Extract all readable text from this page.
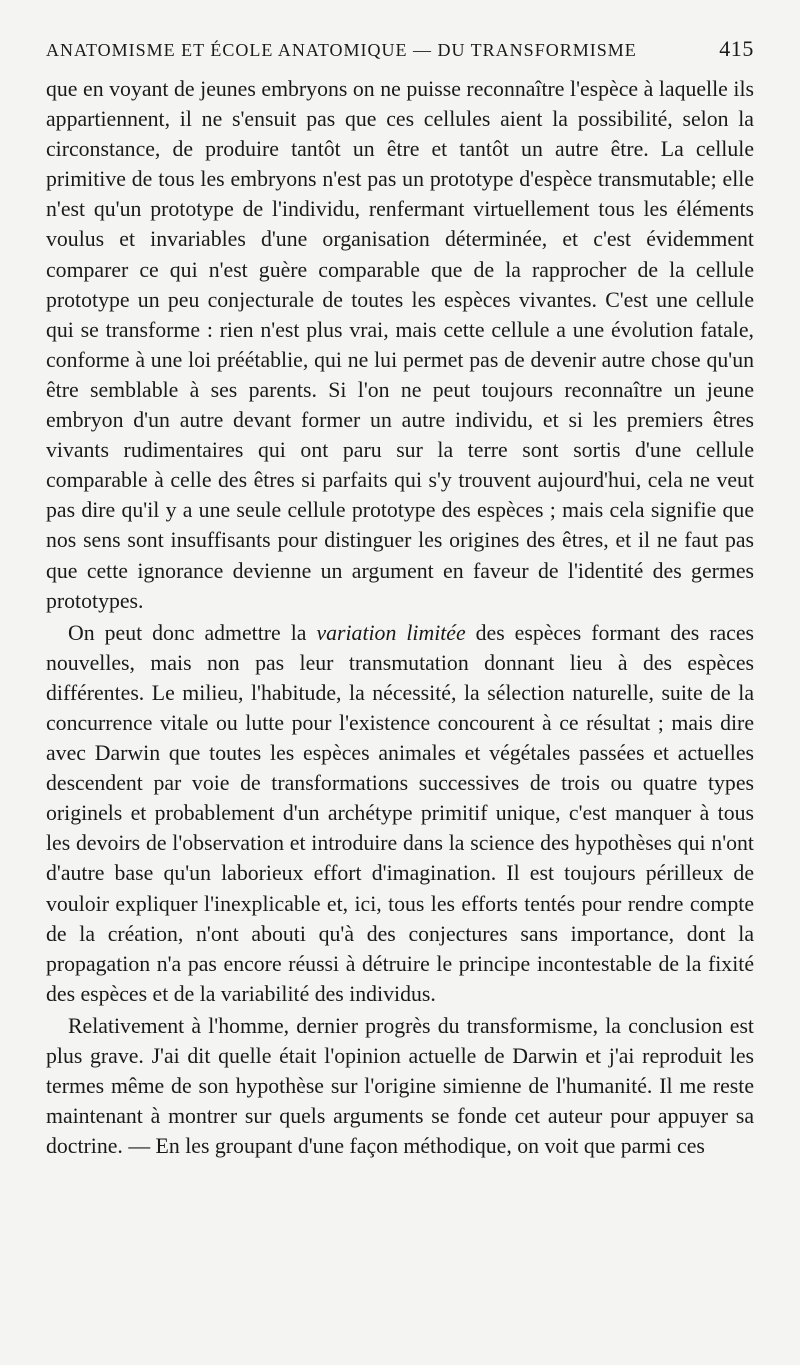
ANATOMISME ET ÉCOLE ANATOMIQUE — DU TRANSFORMISME	415

que en voyant de jeunes embryons on ne puisse reconnaître l'espèce à laquelle ils appartiennent, il ne s'ensuit pas que ces cellules aient la possibilité, selon la circonstance, de produire tantôt un être et tantôt un autre être. La cellule primitive de tous les embryons n'est pas un prototype d'espèce transmutable; elle n'est qu'un prototype de l'individu, renfermant virtuellement tous les éléments voulus et invariables d'une organisation déterminée, et c'est évidemment comparer ce qui n'est guère comparable que de la rapprocher de la cellule prototype un peu conjecturale de toutes les espèces vivantes. C'est une cellule qui se transforme : rien n'est plus vrai, mais cette cellule a une évolution fatale, conforme à une loi préétablie, qui ne lui permet pas de devenir autre chose qu'un être semblable à ses parents. Si l'on ne peut toujours reconnaître un jeune embryon d'un autre devant former un autre individu, et si les premiers êtres vivants rudimentaires qui ont paru sur la terre sont sortis d'une cellule comparable à celle des êtres si parfaits qui s'y trouvent aujourd'hui, cela ne veut pas dire qu'il y a une seule cellule prototype des espèces ; mais cela signifie que nos sens sont insuffisants pour distinguer les origines des êtres, et il ne faut pas que cette ignorance devienne un argument en faveur de l'identité des germes prototypes.

On peut donc admettre la variation limitée des espèces formant des races nouvelles, mais non pas leur transmutation donnant lieu à des espèces différentes. Le milieu, l'habitude, la nécessité, la sélection naturelle, suite de la concurrence vitale ou lutte pour l'existence concourent à ce résultat ; mais dire avec Darwin que toutes les espèces animales et végétales passées et actuelles descendent par voie de transformations successives de trois ou quatre types originels et probablement d'un archétype primitif unique, c'est manquer à tous les devoirs de l'observation et introduire dans la science des hypothèses qui n'ont d'autre base qu'un laborieux effort d'imagination. Il est toujours périlleux de vouloir expliquer l'inexplicable et, ici, tous les efforts tentés pour rendre compte de la création, n'ont abouti qu'à des conjectures sans importance, dont la propagation n'a pas encore réussi à détruire le principe incontestable de la fixité des espèces et de la variabilité des individus.

Relativement à l'homme, dernier progrès du transformisme, la conclusion est plus grave. J'ai dit quelle était l'opinion actuelle de Darwin et j'ai reproduit les termes même de son hypothèse sur l'origine simienne de l'humanité. Il me reste maintenant à montrer sur quels arguments se fonde cet auteur pour appuyer sa doctrine. — En les groupant d'une façon méthodique, on voit que parmi ces
